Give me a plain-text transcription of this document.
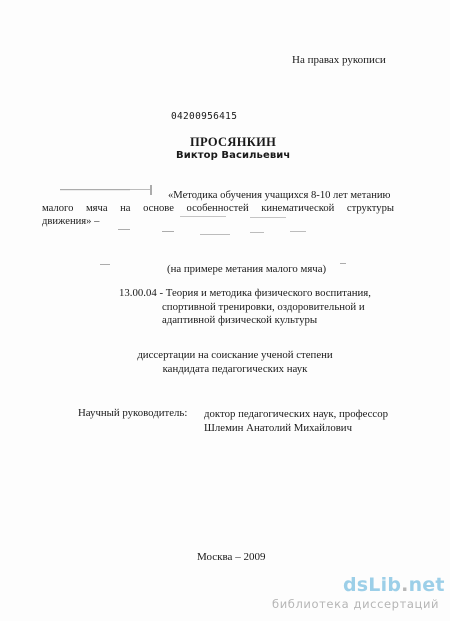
На правах рукописи
04200956415
ПРОСЯНКИН
Виктор Васильевич
«Методика обучения учащихся 8-10 лет метанию
малого мяча на основе особенностей кинематической структуры
движения» –
(на примере метания малого мяча)
13.00.04 - Теория и методика физического воспитания,
спортивной тренировки, оздоровительной и
адаптивной физической культуры
диссертации на соискание ученой степени
кандидата педагогических наук
Научный руководитель: доктор педагогических наук, профессор
Шлемин Анатолий Михайлович
Москва – 2009
dsLib.net
библиотека диссертаций
